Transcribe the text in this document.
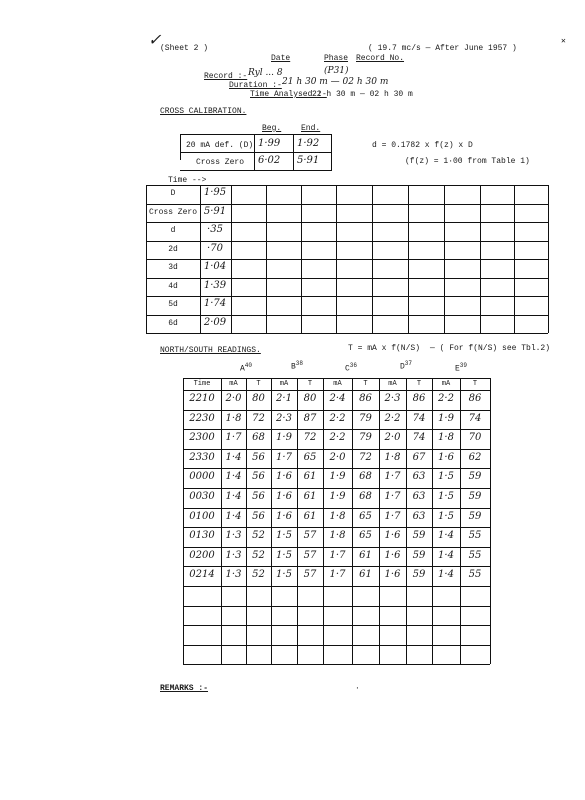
✓
(Sheet 2 )	( 19.7 mc/s — After June 1957 )
✕
Date	Phase Record No.
Record :- Ryl ... 8	(P31)
Duration :- 21 h 30 m — 02 h 30 m
Time Analysed :-
22 h 30 m — 02 h 30 m
CROSS CALIBRATION.
Beg. End.
20 mA def. (D) 1·99 1·92
Cross Zero 6·02 5·91
d = 0.1782 x f(z) x D
(f(z) = 1·00 from Table 1)
Time -->
D	1·95
Cross Zero 5·91
d	·35
2d	·70
3d	1·04
4d	1·39
5d	1·74
6d	2·09
NORTH/SOUTH READINGS.	T = mA x f(N/S) — ( For f(N/S) see Tbl.2)
$A^{40}$	$B^{38}$
$C^{36}$	$D^{37}$
$E^{39}$
Time	mA	T	mA	T	mA	T	mA	T	mA	T
2210	2·0	80	2·1	80	2·4	86	2·3	86	2·2	86
2230	1·8	72	2·3	87	2·2	79	2·2	74	1·9	74
2300	1·7	68	1·9	72	2·2	79	2·0	74	1·8	70
2330	1·4	56	1·7	65	2·0	72	1·8	67	1·6	62
0000	1·4	56	1·6	61	1·9	68	1·7	63	1·5	59
0030	1·4	56	1·6	61	1·9	68	1·7	63	1·5	59
0100	1·4	56	1·6	61	1·8	65	1·7	63	1·5	59
0130	1·3	52	1·5	57	1·8	65	1·6	59	1·4	55
0200	1·3	52	1·5	57	1·7	61	1·6	59	1·4	55
0214	1·3	52	1·5	57	1·7	61	1·6	59	1·4	55
REMARKS :-	·
